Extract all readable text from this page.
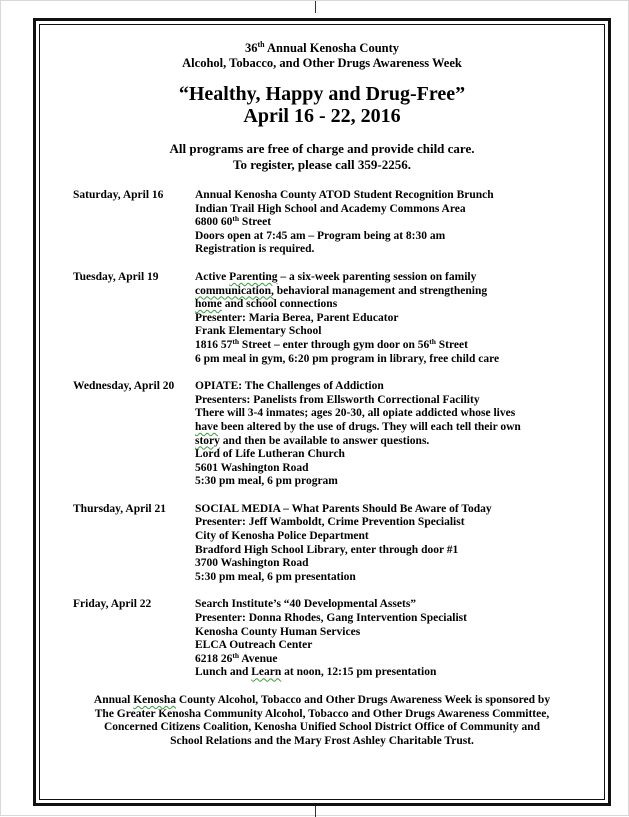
36th Annual Kenosha County
Alcohol, Tobacco, and Other Drugs Awareness Week
“Healthy, Happy and Drug-Free”
April 16 - 22, 2016
All programs are free of charge and provide child care.
To register, please call 359-2256.
Saturday, April 16	Annual Kenosha County ATOD Student Recognition Brunch
Indian Trail High School and Academy Commons Area
6800 60th Street
Doors open at 7:45 am – Program being at 8:30 am
Registration is required.
Tuesday, April 19	Active Parenting – a six-week parenting session on family
communication, behavioral management and strengthening
home and school connections
Presenter: Maria Berea, Parent Educator
Frank Elementary School
1816 57th Street – enter through gym door on 56th Street
6 pm meal in gym, 6:20 pm program in library, free child care
Wednesday, April 20	OPIATE: The Challenges of Addiction
Presenters: Panelists from Ellsworth Correctional Facility
There will 3-4 inmates; ages 20-30, all opiate addicted whose lives
have been altered by the use of drugs. They will each tell their own
story and then be available to answer questions.
Lord of Life Lutheran Church
5601 Washington Road
5:30 pm meal, 6 pm program
Thursday, April 21	SOCIAL MEDIA – What Parents Should Be Aware of Today
Presenter: Jeff Wamboldt, Crime Prevention Specialist
City of Kenosha Police Department
Bradford High School Library, enter through door #1
3700 Washington Road
5:30 pm meal, 6 pm presentation
Friday, April 22	Search Institute’s “40 Developmental Assets”
Presenter: Donna Rhodes, Gang Intervention Specialist
Kenosha County Human Services
ELCA Outreach Center
6218 26th Avenue
Lunch and Learn at noon, 12:15 pm presentation
Annual Kenosha County Alcohol, Tobacco and Other Drugs Awareness Week is sponsored by
The Greater Kenosha Community Alcohol, Tobacco and Other Drugs Awareness Committee,
Concerned Citizens Coalition, Kenosha Unified School District Office of Community and
School Relations and the Mary Frost Ashley Charitable Trust.
